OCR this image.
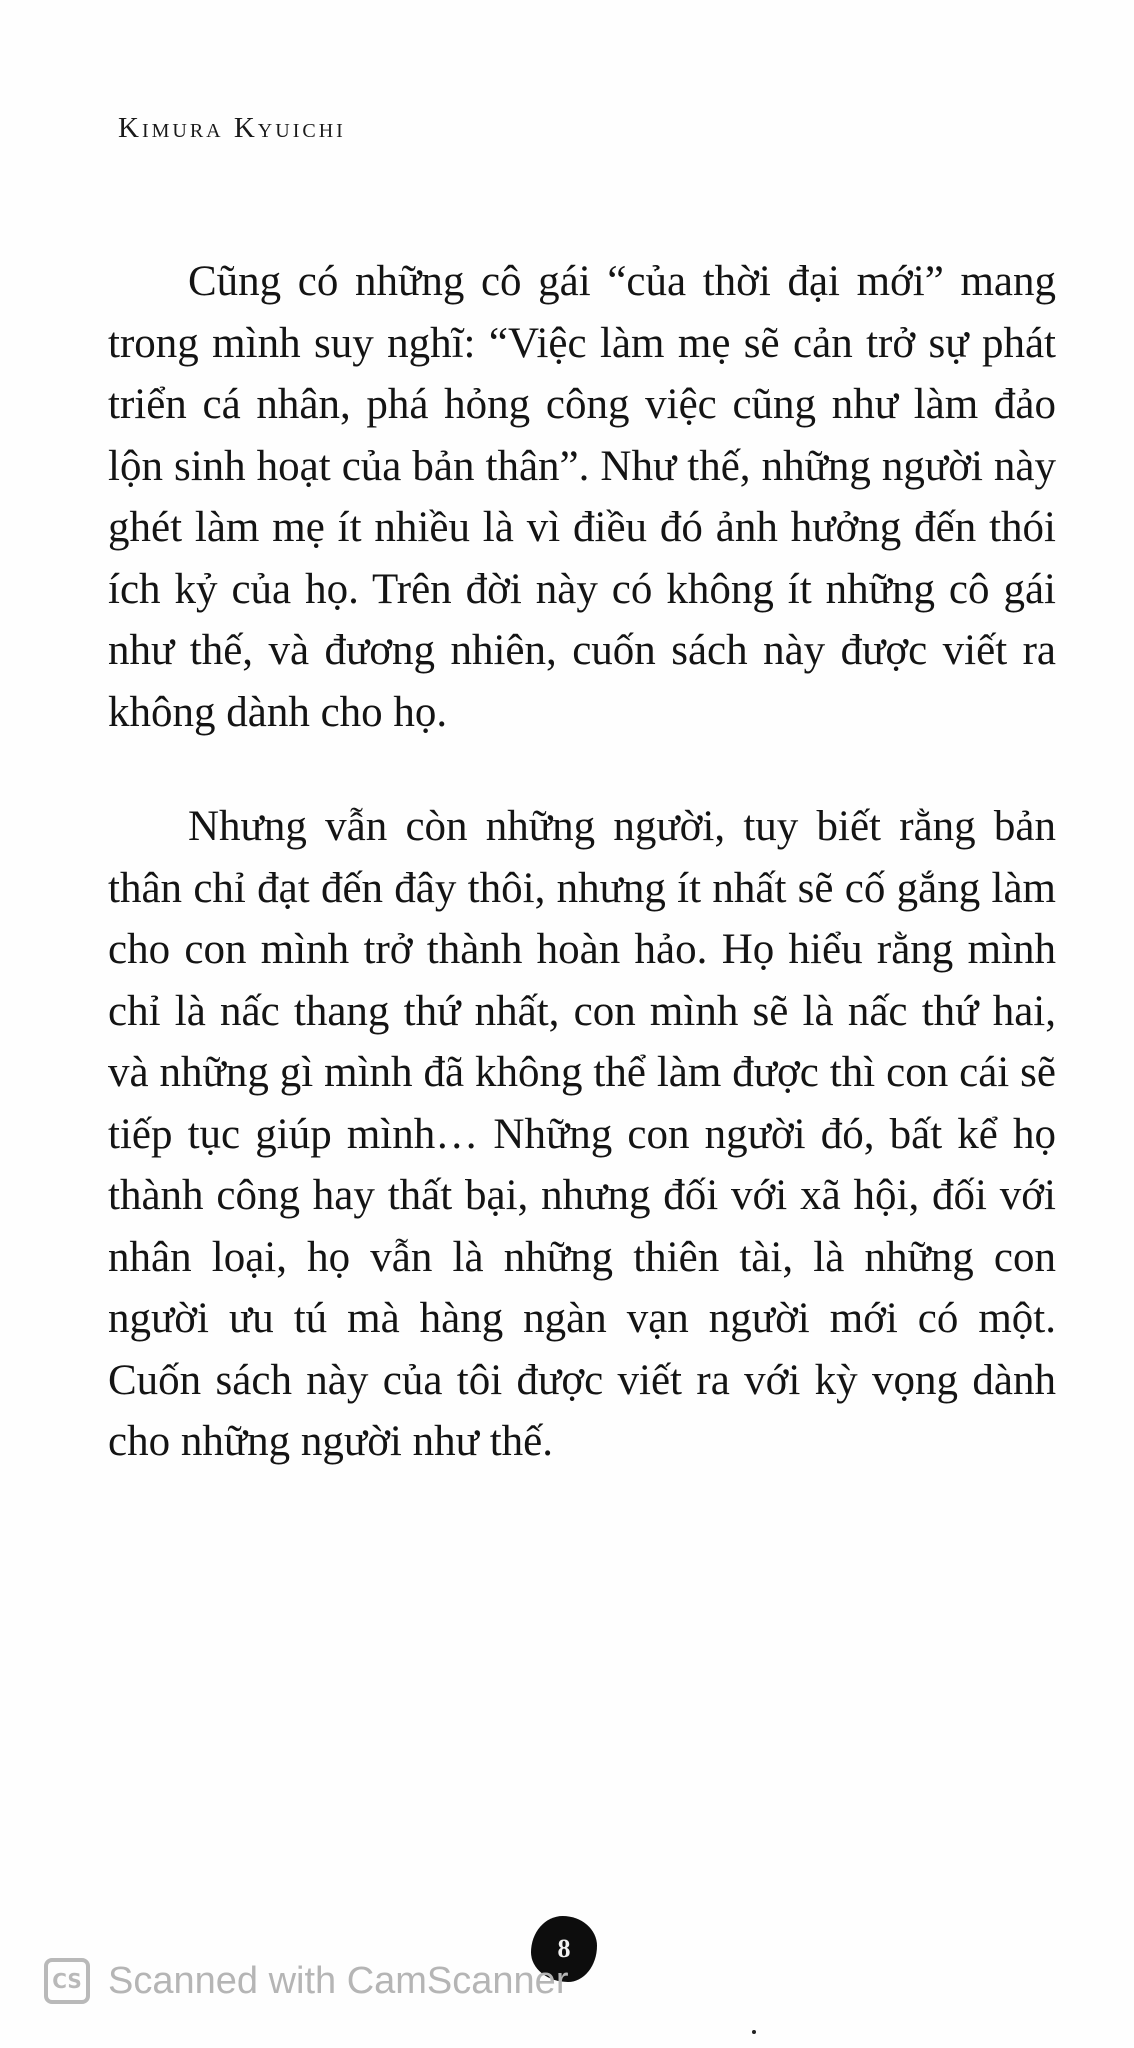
Kimura Kyuichi

Cũng có những cô gái “của thời đại mới” mang trong mình suy nghĩ: “Việc làm mẹ sẽ cản trở sự phát triển cá nhân, phá hỏng công việc cũng như làm đảo lộn sinh hoạt của bản thân”. Như thế, những người này ghét làm mẹ ít nhiều là vì điều đó ảnh hưởng đến thói ích kỷ của họ. Trên đời này có không ít những cô gái như thế, và đương nhiên, cuốn sách này được viết ra không dành cho họ.

Nhưng vẫn còn những người, tuy biết rằng bản thân chỉ đạt đến đây thôi, nhưng ít nhất sẽ cố gắng làm cho con mình trở thành hoàn hảo. Họ hiểu rằng mình chỉ là nấc thang thứ nhất, con mình sẽ là nấc thứ hai, và những gì mình đã không thể làm được thì con cái sẽ tiếp tục giúp mình… Những con người đó, bất kể họ thành công hay thất bại, nhưng đối với xã hội, đối với nhân loại, họ vẫn là những thiên tài, là những con người ưu tú mà hàng ngàn vạn người mới có một. Cuốn sách này của tôi được viết ra với kỳ vọng dành cho những người như thế.

8
CS Scanned with CamScanner
